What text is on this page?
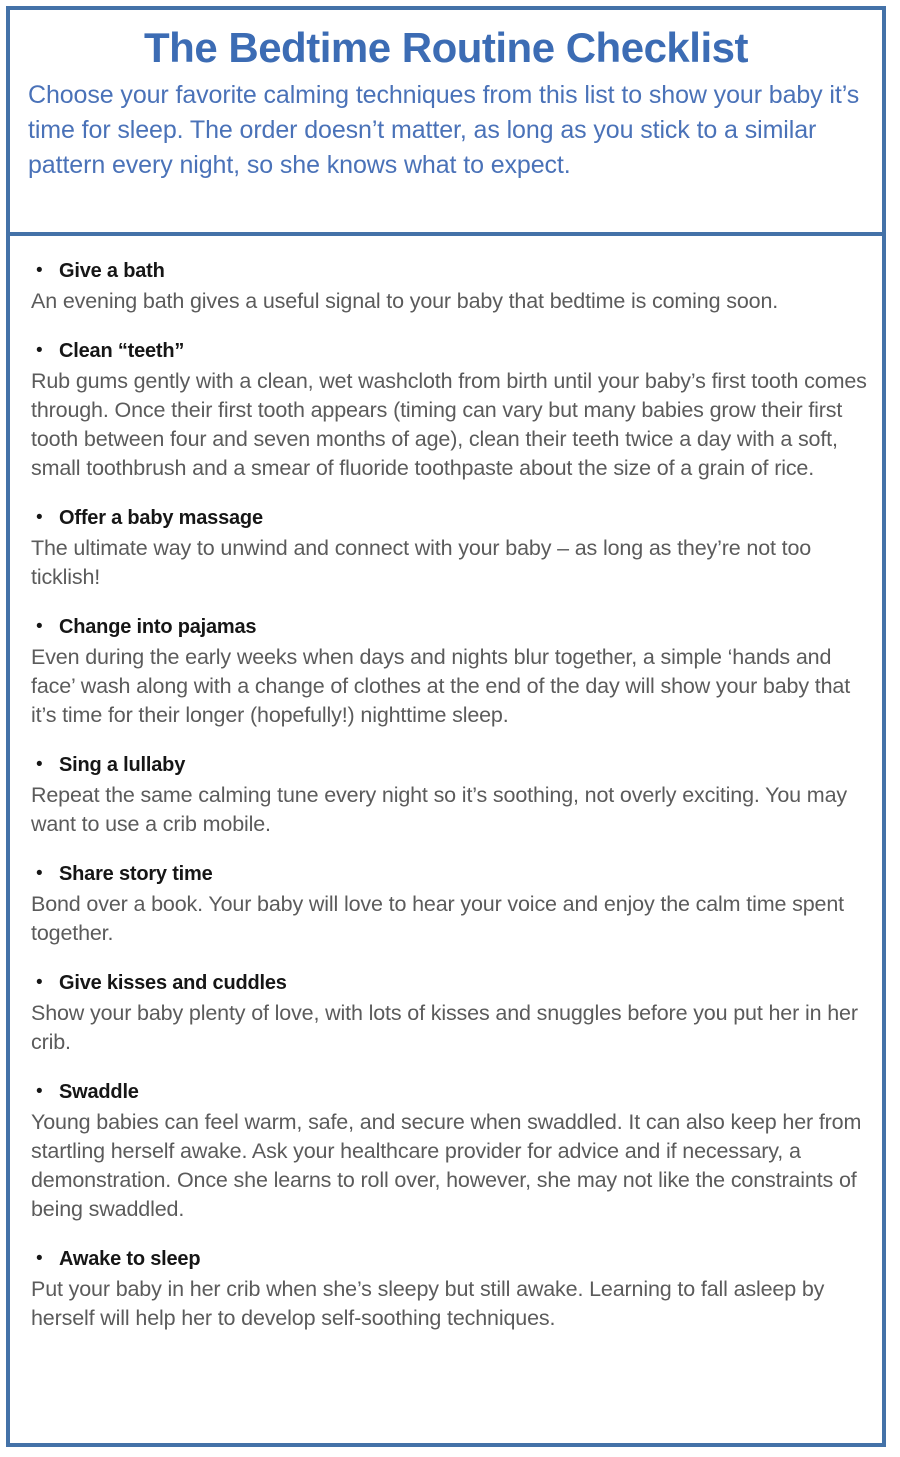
The Bedtime Routine Checklist

Choose your favorite calming techniques from this list to show your baby it’s time for sleep. The order doesn’t matter, as long as you stick to a similar pattern every night, so she knows what to expect.

• Give a bath

An evening bath gives a useful signal to your baby that bedtime is coming soon.

• Clean “teeth”

Rub gums gently with a clean, wet washcloth from birth until your baby’s first tooth comes through. Once their first tooth appears (timing can vary but many babies grow their first tooth between four and seven months of age), clean their teeth twice a day with a soft, small toothbrush and a smear of fluoride toothpaste about the size of a grain of rice.

• Offer a baby massage

The ultimate way to unwind and connect with your baby – as long as they’re not too ticklish!

• Change into pajamas

Even during the early weeks when days and nights blur together, a simple ‘hands and face’ wash along with a change of clothes at the end of the day will show your baby that it’s time for their longer (hopefully!) nighttime sleep.

• Sing a lullaby

Repeat the same calming tune every night so it’s soothing, not overly exciting. You may want to use a crib mobile.

• Share story time

Bond over a book. Your baby will love to hear your voice and enjoy the calm time spent together.

• Give kisses and cuddles

Show your baby plenty of love, with lots of kisses and snuggles before you put her in her crib.

• Swaddle

Young babies can feel warm, safe, and secure when swaddled. It can also keep her from startling herself awake. Ask your healthcare provider for advice and if necessary, a demonstration. Once she learns to roll over, however, she may not like the constraints of being swaddled.

• Awake to sleep

Put your baby in her crib when she’s sleepy but still awake. Learning to fall asleep by herself will help her to develop self-soothing techniques.
